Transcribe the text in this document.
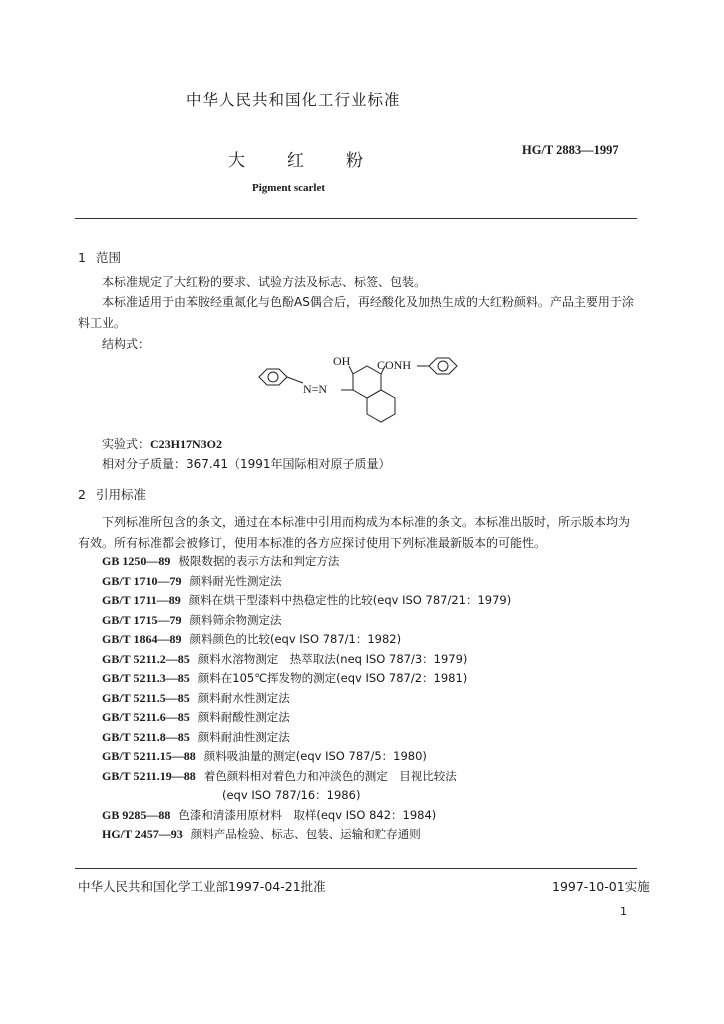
中华人民共和国化工行业标准
大 红 粉
HG/T 2883—1997
Pigment scarlet
1 范围
本标准规定了大红粉的要求、试验方法及标志、标签、包装。
本标准适用于由苯胺经重氮化与色酚AS偶合后，再经酸化及加热生成的大红粉颜料。产品主要用于涂料工业。
结构式：
OH CONH
N=N
实验式：C23H17N3O2
相对分子质量：367.41（1991年国际相对原子质量）
2 引用标准
下列标准所包含的条文，通过在本标准中引用而构成为本标准的条文。本标准出版时，所示版本均为有效。所有标准都会被修订，使用本标准的各方应探讨使用下列标准最新版本的可能性。
GB 1250—89 极限数据的表示方法和判定方法
GB/T 1710—79 颜料耐光性测定法
GB/T 1711—89 颜料在烘干型漆料中热稳定性的比较(eqv ISO 787/21：1979)
GB/T 1715—79 颜料筛余物测定法
GB/T 1864—89 颜料颜色的比较(eqv ISO 787/1：1982)
GB/T 5211.2—85 颜料水溶物测定　热萃取法(neq ISO 787/3：1979)
GB/T 5211.3—85 颜料在105℃挥发物的测定(eqv ISO 787/2：1981)
GB/T 5211.5—85 颜料耐水性测定法
GB/T 5211.6—85 颜料耐酸性测定法
GB/T 5211.8—85 颜料耐油性测定法
GB/T 5211.15—88 颜料吸油量的测定(eqv ISO 787/5：1980)
GB/T 5211.19—88 着色颜料相对着色力和冲淡色的测定　目视比较法
(eqv ISO 787/16：1986)
GB 9285—88 色漆和清漆用原材料　取样(eqv ISO 842：1984)
HG/T 2457—93 颜料产品检验、标志、包装、运输和贮存通则
中华人民共和国化学工业部1997-04-21批准	1997-10-01实施
1
